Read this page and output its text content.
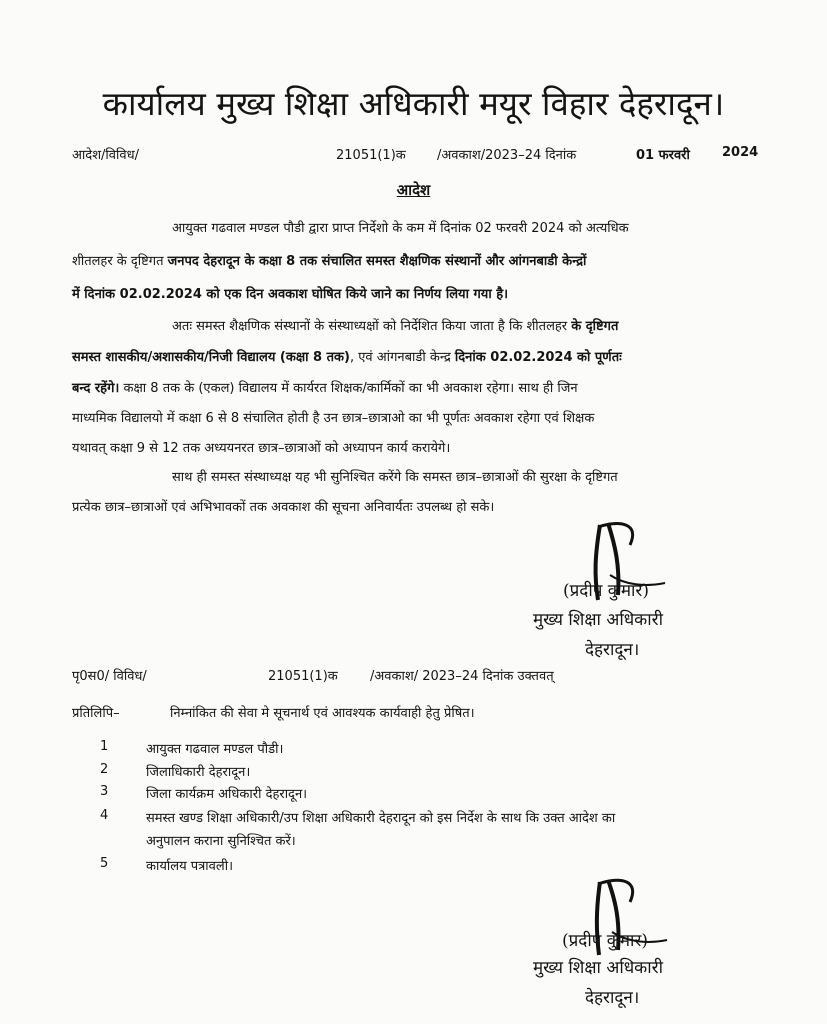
कार्यालय मुख्य शिक्षा अधिकारी मयूर विहार देहरादून।
आदेश/विविध/	21051(1)क /अवकाश/2023–24 दिनांक	01 फरवरी 2024
आदेश
आयुक्त गढवाल मण्डल पौडी द्वारा प्राप्त निर्देशो के कम में दिनांक 02 फरवरी 2024 को अत्यधिक
शीतलहर के दृष्टिगत जनपद देहरादून के कक्षा 8 तक संचालित समस्त शैक्षणिक संस्थानों और आंगनबाडी केन्द्रों
में दिनांक 02.02.2024 को एक दिन अवकाश घोषित किये जाने का निर्णय लिया गया है।
अतः समस्त शैक्षणिक संस्थानों के संस्थाध्यक्षों को निर्देशित किया जाता है कि शीतलहर के दृष्टिगत
समस्त शासकीय/अशासकीय/निजी विद्यालय (कक्षा 8 तक), एवं आंगनबाडी केन्द्र दिनांक 02.02.2024 को पूर्णतः
बन्द रहेंगे। कक्षा 8 तक के (एकल) विद्यालय में कार्यरत शिक्षक/कार्मिकों का भी अवकाश रहेगा। साथ ही जिन
माध्यमिक विद्यालयो में कक्षा 6 से 8 संचालित होती है उन छात्र–छात्राओ का भी पूर्णतः अवकाश रहेगा एवं शिक्षक
यथावत् कक्षा 9 से 12 तक अध्ययनरत छात्र–छात्राओं को अध्यापन कार्य करायेगे।
साथ ही समस्त संस्थाध्यक्ष यह भी सुनिश्चित करेंगे कि समस्त छात्र–छात्राओं की सुरक्षा के दृष्टिगत
प्रत्येक छात्र–छात्राओं एवं अभिभावकों तक अवकाश की सूचना अनिवार्यतः उपलब्ध हो सके।
(प्रदीप कुमार)
मुख्य शिक्षा अधिकारी
देहरादून।
पृ0स0/ विविध/	21051(1)क /अवकाश/ 2023–24 दिनांक उक्तवत्
प्रतिलिपि–	निम्नांकित की सेवा मे सूचनार्थ एवं आवश्यक कार्यवाही हेतु प्रेषित।
1	आयुक्त गढवाल मण्डल पौडी।
2	जिलाधिकारी देहरादून।
3	जिला कार्यक्रम अधिकारी देहरादून।
4	समस्त खण्ड शिक्षा अधिकारी/उप शिक्षा अधिकारी देहरादून को इस निर्देश के साथ कि उक्त आदेश का
अनुपालन कराना सुनिश्चित करें।
5	कार्यालय पत्रावली।
(प्रदीप कुमार)
मुख्य शिक्षा अधिकारी
देहरादून।
